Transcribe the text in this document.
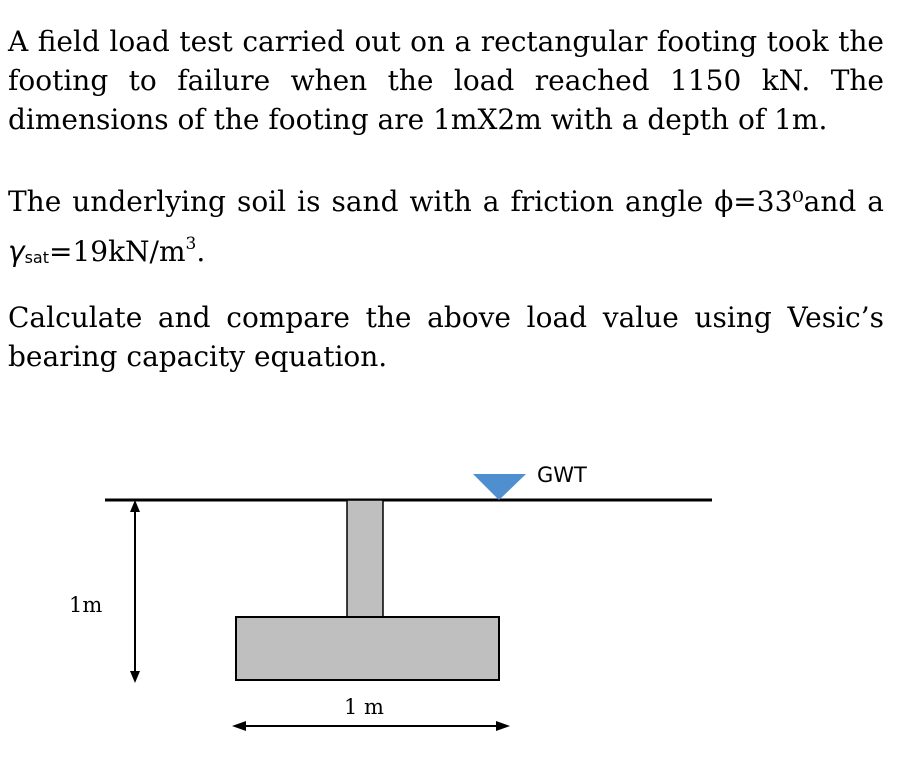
A field load test carried out on a rectangular footing took the
footing to failure when the load reached 1150 kN. The
dimensions of the footing are 1mX2m with a depth of 1m.
The underlying soil is sand with a friction angle ϕ=33⁰and a
$\gamma sat=19kN/m^3$.
Calculate and compare the above load value using Vesic’s
bearing capacity equation.
GWT
1m
1 m
